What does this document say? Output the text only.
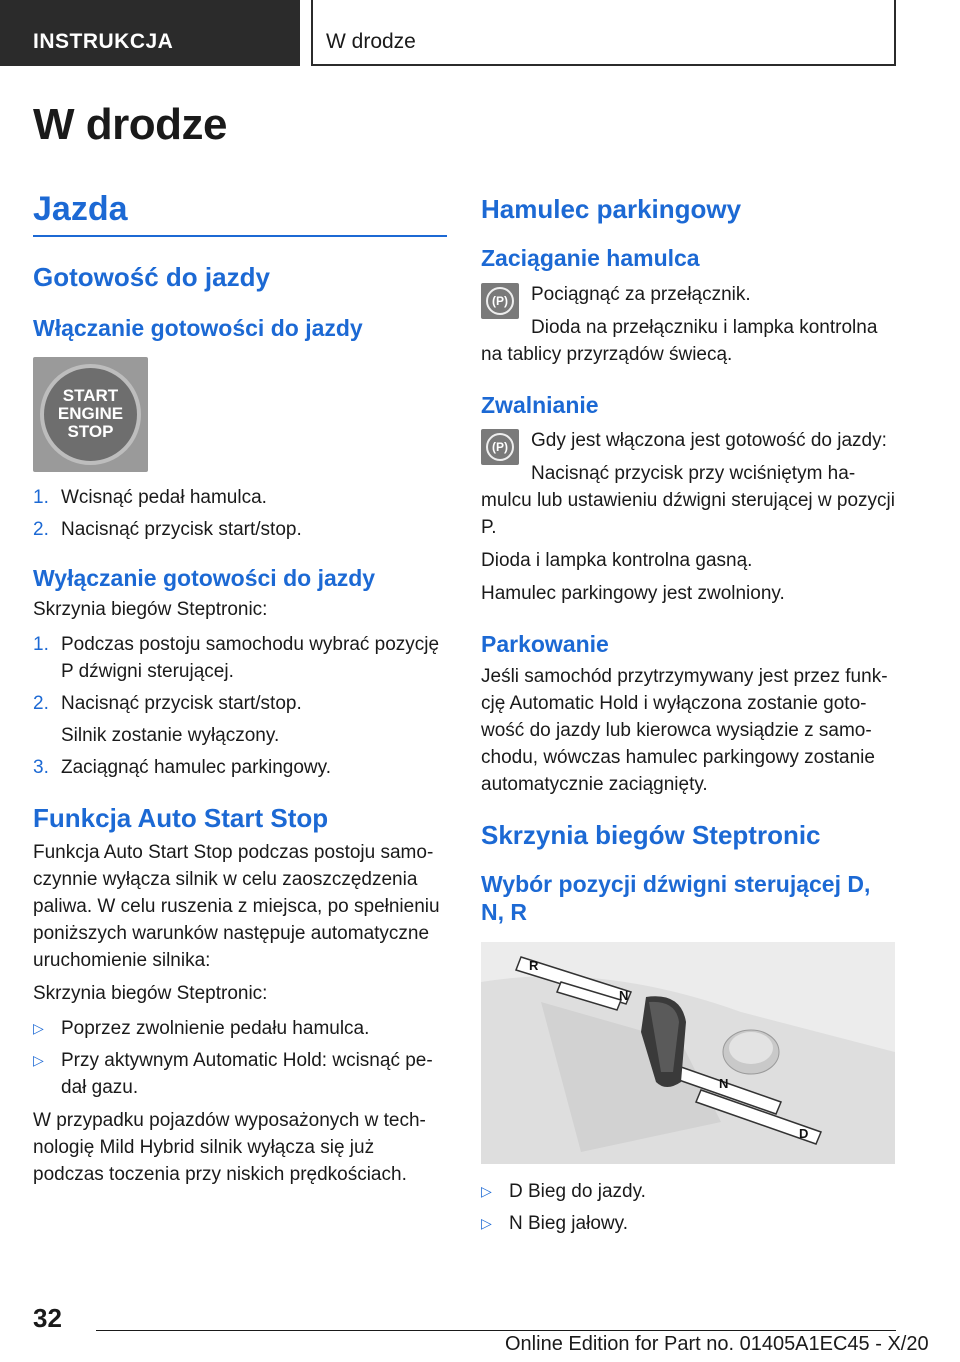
INSTRUKCJA	W drodze
W drodze
Jazda
Gotowość do jazdy
Włączanie gotowości do jazdy
START
ENGINE
STOP
1. Wcisnąć pedał hamulca.
2. Nacisnąć przycisk start/stop.
Wyłączanie gotowości do jazdy

Skrzynia biegów Steptronic:

1. Podczas postoju samochodu wybrać pozycję P dźwigni sterującej.
2. Nacisnąć przycisk start/stop.
Silnik zostanie wyłączony.
3. Zaciągnąć hamulec parkingowy.
Funkcja Auto Start Stop

Funkcja Auto Start Stop podczas postoju samoczynnie wyłącza silnik w celu zaoszczędzenia paliwa. W celu ruszenia z miejsca, po spełnieniu poniższych warunków następuje automatyczne uruchomienie silnika:

Skrzynia biegów Steptronic:

▷ Poprzez zwolnienie pedału hamulca.
▷ Przy aktywnym Automatic Hold: wcisnąć pedał gazu.

W przypadku pojazdów wyposażonych w technologię Mild Hybrid silnik wyłącza się już podczas toczenia przy niskich prędkościach.

Hamulec parkingowy
Zaciąganie hamulca
(P)	Pociągnąć za przełącznik.

Dioda na przełączniku i lampka kontrolna na tablicy przyrządów świecą.

Zwalnianie
(P)	Gdy jest włączona jest gotowość do jazdy:

Nacisnąć przycisk przy wciśniętym hamulcu lub ustawieniu dźwigni sterującej w pozycji P.

Dioda i lampka kontrolna gasną.

Hamulec parkingowy jest zwolniony.

Parkowanie

Jeśli samochód przytrzymywany jest przez funkcję Automatic Hold i wyłączona zostanie gotowość do jazdy lub kierowca wysiądzie z samochodu, wówczas hamulec parkingowy zostanie automatycznie zaciągnięty.

Skrzynia biegów Steptronic
Wybór pozycji dźwigni sterującej D, N, R
R
N
N
D
▷ D Bieg do jazdy.
▷ N Bieg jałowy.
32
Online Edition for Part no. 01405A1EC45 - X/20
